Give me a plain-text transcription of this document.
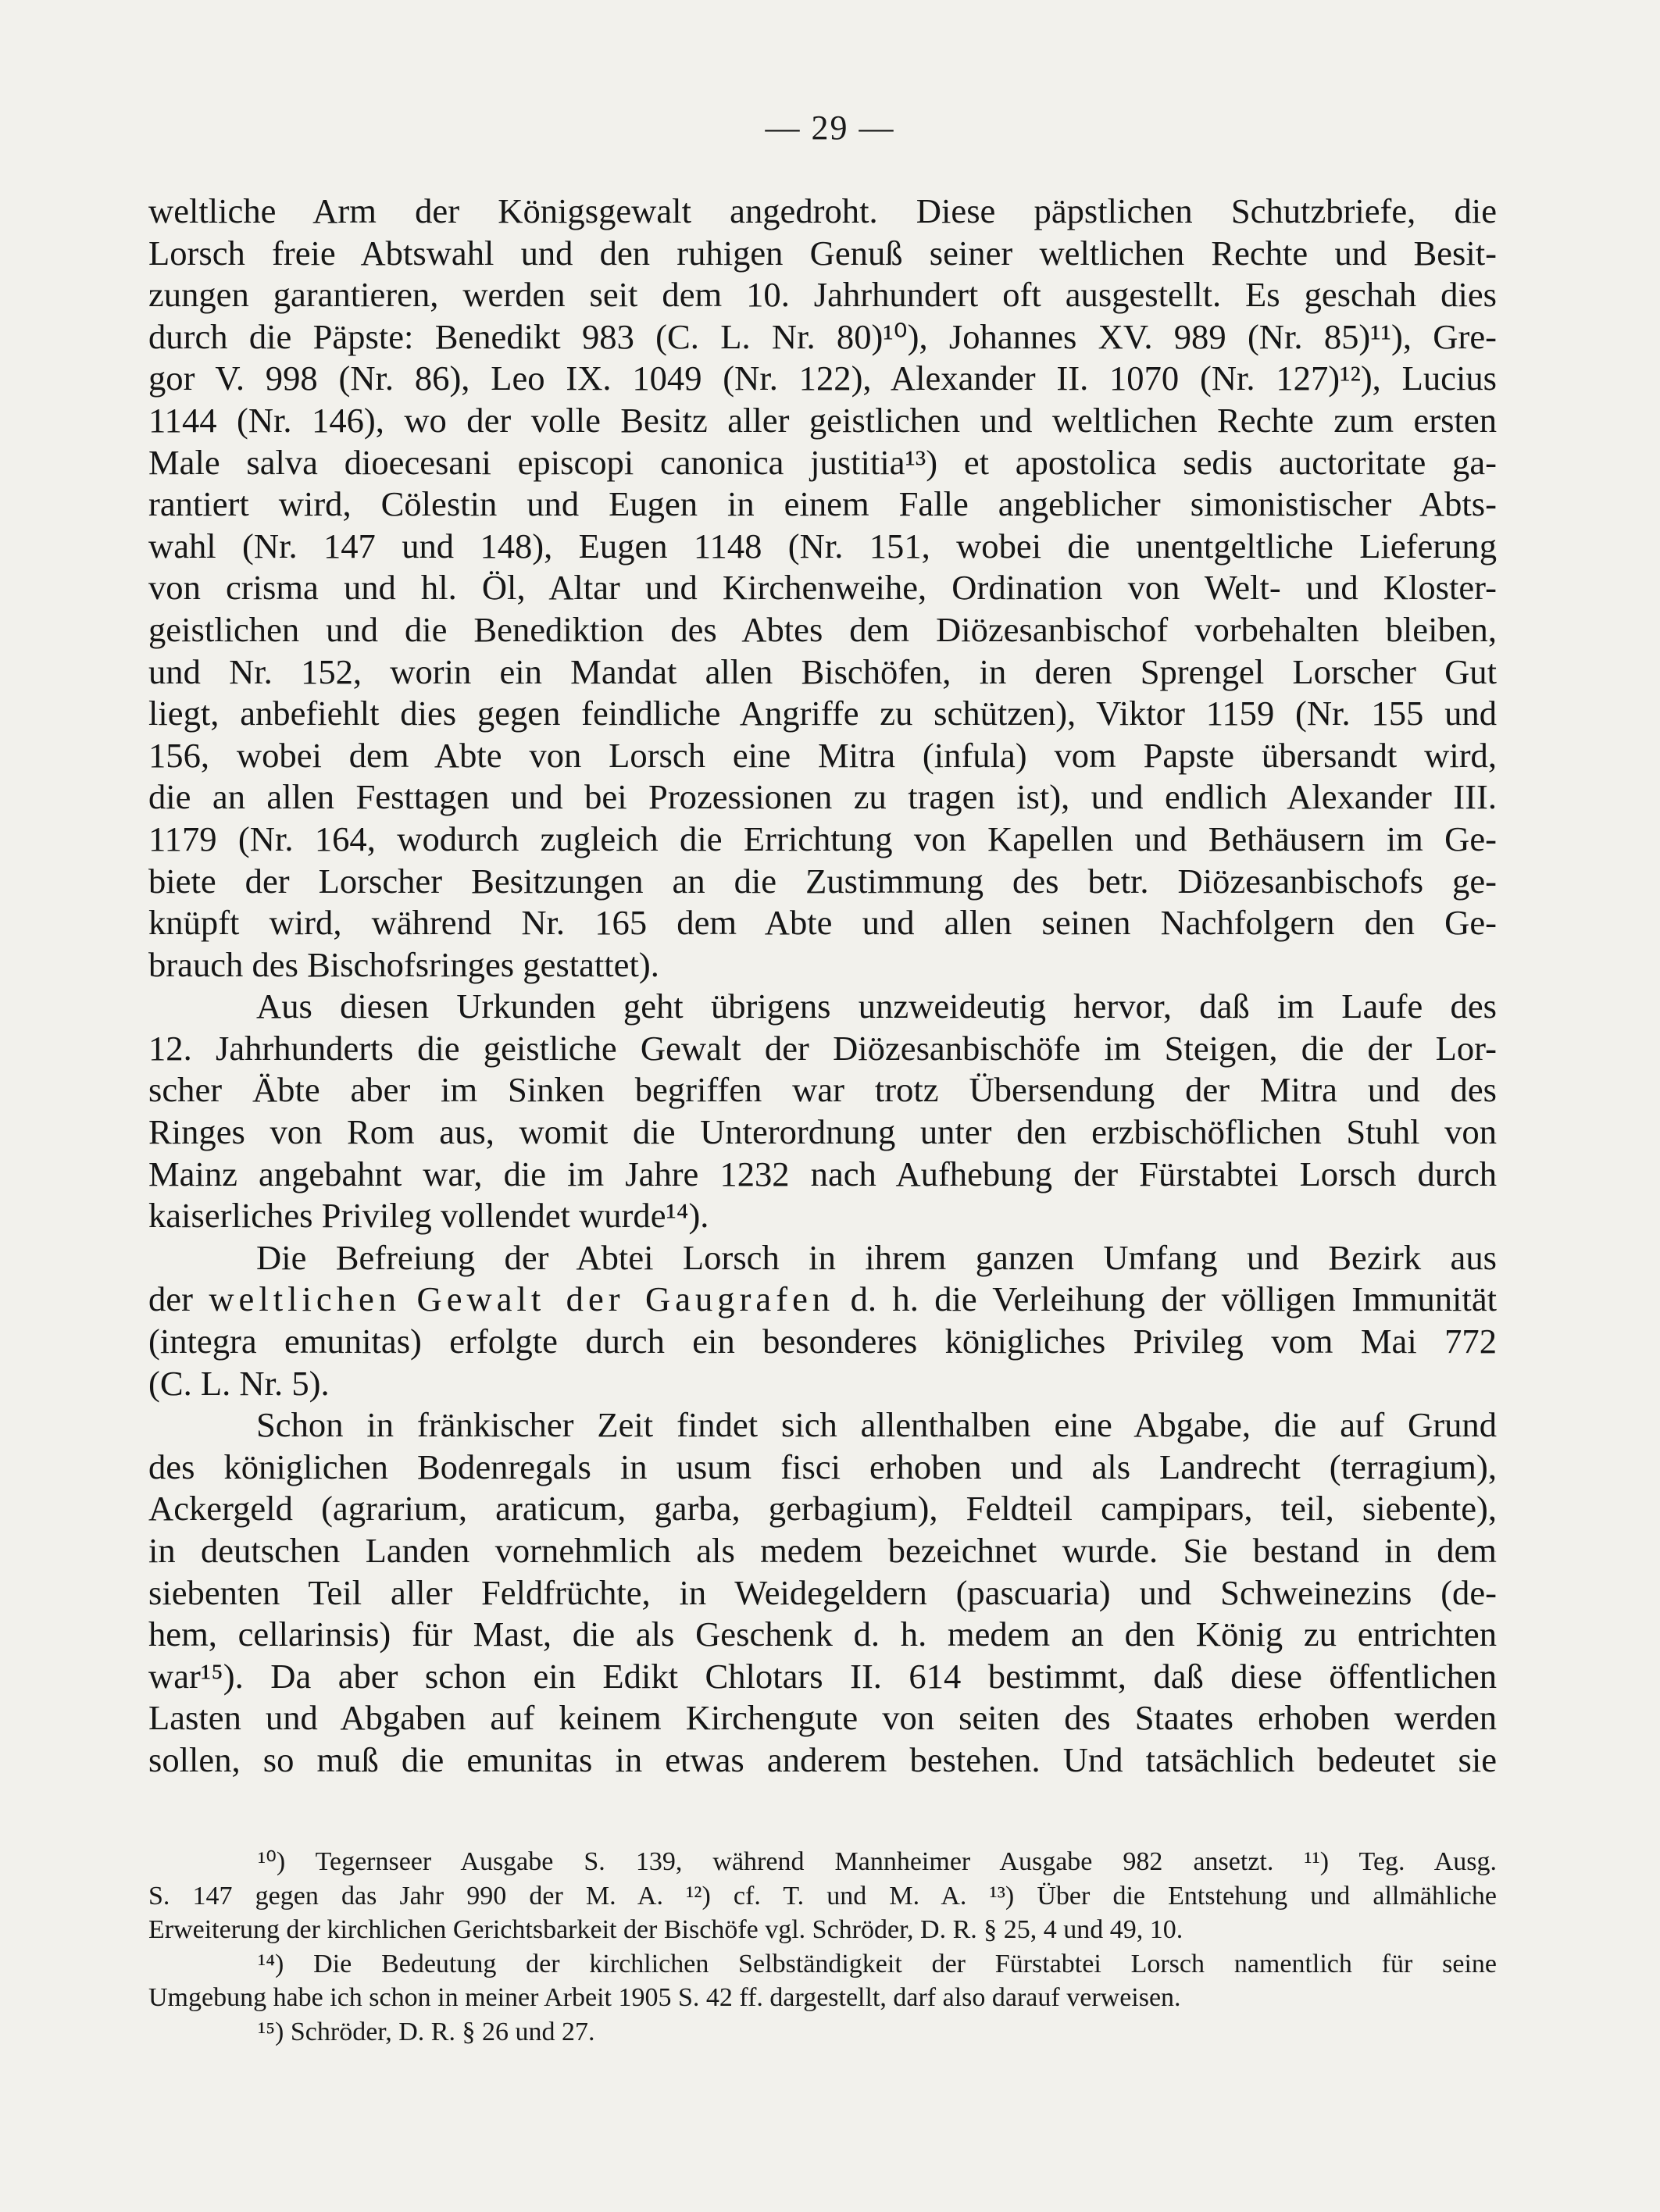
— 29 —

weltliche Arm der Königsgewalt angedroht. Diese päpstlichen Schutzbriefe, die
Lorsch freie Abtswahl und den ruhigen Genuß seiner weltlichen Rechte und Besit-
zungen garantieren, werden seit dem 10. Jahrhundert oft ausgestellt. Es geschah dies
durch die Päpste: Benedikt 983 (C. L. Nr. 80)¹⁰), Johannes XV. 989 (Nr. 85)¹¹), Gre-
gor V. 998 (Nr. 86), Leo IX. 1049 (Nr. 122), Alexander II. 1070 (Nr. 127)¹²), Lucius
1144 (Nr. 146), wo der volle Besitz aller geistlichen und weltlichen Rechte zum ersten
Male salva dioecesani episcopi canonica justitia¹³) et apostolica sedis auctoritate ga-
rantiert wird, Cölestin und Eugen in einem Falle angeblicher simonistischer Abts-
wahl (Nr. 147 und 148), Eugen 1148 (Nr. 151, wobei die unentgeltliche Lieferung
von crisma und hl. Öl, Altar und Kirchenweihe, Ordination von Welt- und Kloster-
geistlichen und die Benediktion des Abtes dem Diözesanbischof vorbehalten bleiben,
und Nr. 152, worin ein Mandat allen Bischöfen, in deren Sprengel Lorscher Gut
liegt, anbefiehlt dies gegen feindliche Angriffe zu schützen), Viktor 1159 (Nr. 155 und
156, wobei dem Abte von Lorsch eine Mitra (infula) vom Papste übersandt wird,
die an allen Festtagen und bei Prozessionen zu tragen ist), und endlich Alexander III.
1179 (Nr. 164, wodurch zugleich die Errichtung von Kapellen und Bethäusern im Ge-
biete der Lorscher Besitzungen an die Zustimmung des betr. Diözesanbischofs ge-
knüpft wird, während Nr. 165 dem Abte und allen seinen Nachfolgern den Ge-
brauch des Bischofsringes gestattet).

Aus diesen Urkunden geht übrigens unzweideutig hervor, daß im Laufe des
12. Jahrhunderts die geistliche Gewalt der Diözesanbischöfe im Steigen, die der Lor-
scher Äbte aber im Sinken begriffen war trotz Übersendung der Mitra und des
Ringes von Rom aus, womit die Unterordnung unter den erzbischöflichen Stuhl von
Mainz angebahnt war, die im Jahre 1232 nach Aufhebung der Fürstabtei Lorsch durch
kaiserliches Privileg vollendet wurde¹⁴).

Die Befreiung der Abtei Lorsch in ihrem ganzen Umfang und Bezirk aus
der weltlichen Gewalt der Gaugrafen d. h. die Verleihung der völligen Immunität
(integra emunitas) erfolgte durch ein besonderes königliches Privileg vom Mai 772
(C. L. Nr. 5).

Schon in fränkischer Zeit findet sich allenthalben eine Abgabe, die auf Grund
des königlichen Bodenregals in usum fisci erhoben und als Landrecht (terragium),
Ackergeld (agrarium, araticum, garba, gerbagium), Feldteil campipars, teil, siebente),
in deutschen Landen vornehmlich als medem bezeichnet wurde. Sie bestand in dem
siebenten Teil aller Feldfrüchte, in Weidegeldern (pascuaria) und Schweinezins (de-
hem, cellarinsis) für Mast, die als Geschenk d. h. medem an den König zu entrichten
war¹⁵). Da aber schon ein Edikt Chlotars II. 614 bestimmt, daß diese öffentlichen
Lasten und Abgaben auf keinem Kirchengute von seiten des Staates erhoben werden
sollen, so muß die emunitas in etwas anderem bestehen. Und tatsächlich bedeutet sie

¹⁰) Tegernseer Ausgabe S. 139, während Mannheimer Ausgabe 982 ansetzt. ¹¹) Teg. Ausg.
S. 147 gegen das Jahr 990 der M. A. ¹²) cf. T. und M. A. ¹³) Über die Entstehung und allmähliche
Erweiterung der kirchlichen Gerichtsbarkeit der Bischöfe vgl. Schröder, D. R. § 25, 4 und 49, 10.
¹⁴) Die Bedeutung der kirchlichen Selbständigkeit der Fürstabtei Lorsch namentlich für seine
Umgebung habe ich schon in meiner Arbeit 1905 S. 42 ff. dargestellt, darf also darauf verweisen.
¹⁵) Schröder, D. R. § 26 und 27.
